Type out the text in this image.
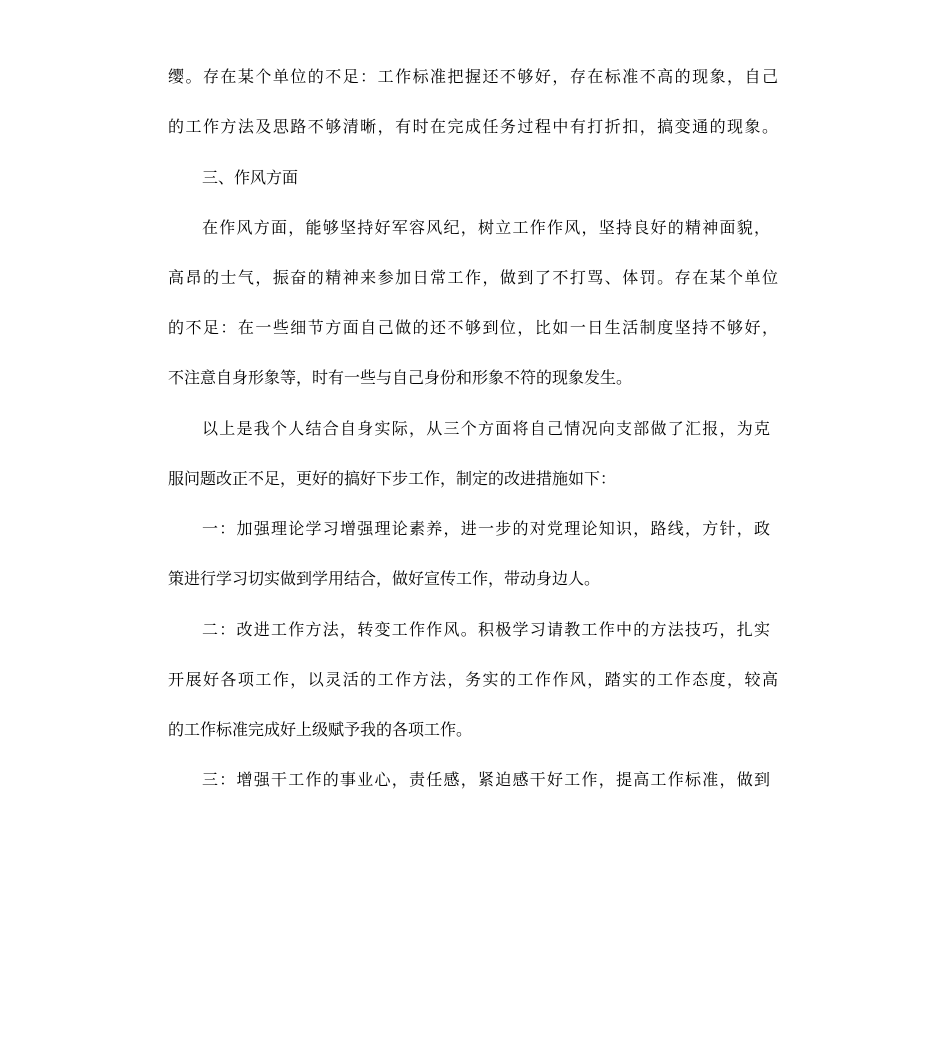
缨。存在某个单位的不足：工作标准把握还不够好，存在标准不高的现象，自己
的工作方法及思路不够清晰，有时在完成任务过程中有打折扣，搞变通的现象。
三、作风方面
在作风方面，能够坚持好军容风纪，树立工作作风，坚持良好的精神面貌，
高昂的士气，振奋的精神来参加日常工作，做到了不打骂、体罚。存在某个单位
的不足：在一些细节方面自己做的还不够到位，比如一日生活制度坚持不够好，
不注意自身形象等，时有一些与自己身份和形象不符的现象发生。
以上是我个人结合自身实际，从三个方面将自己情况向支部做了汇报，为克
服问题改正不足，更好的搞好下步工作，制定的改进措施如下：
一：加强理论学习增强理论素养，进一步的对党理论知识，路线，方针，政
策进行学习切实做到学用结合，做好宣传工作，带动身边人。
二：改进工作方法，转变工作作风。积极学习请教工作中的方法技巧，扎实
开展好各项工作，以灵活的工作方法，务实的工作作风，踏实的工作态度，较高
的工作标准完成好上级赋予我的各项工作。
三：增强干工作的事业心，责任感，紧迫感干好工作，提高工作标准，做到
